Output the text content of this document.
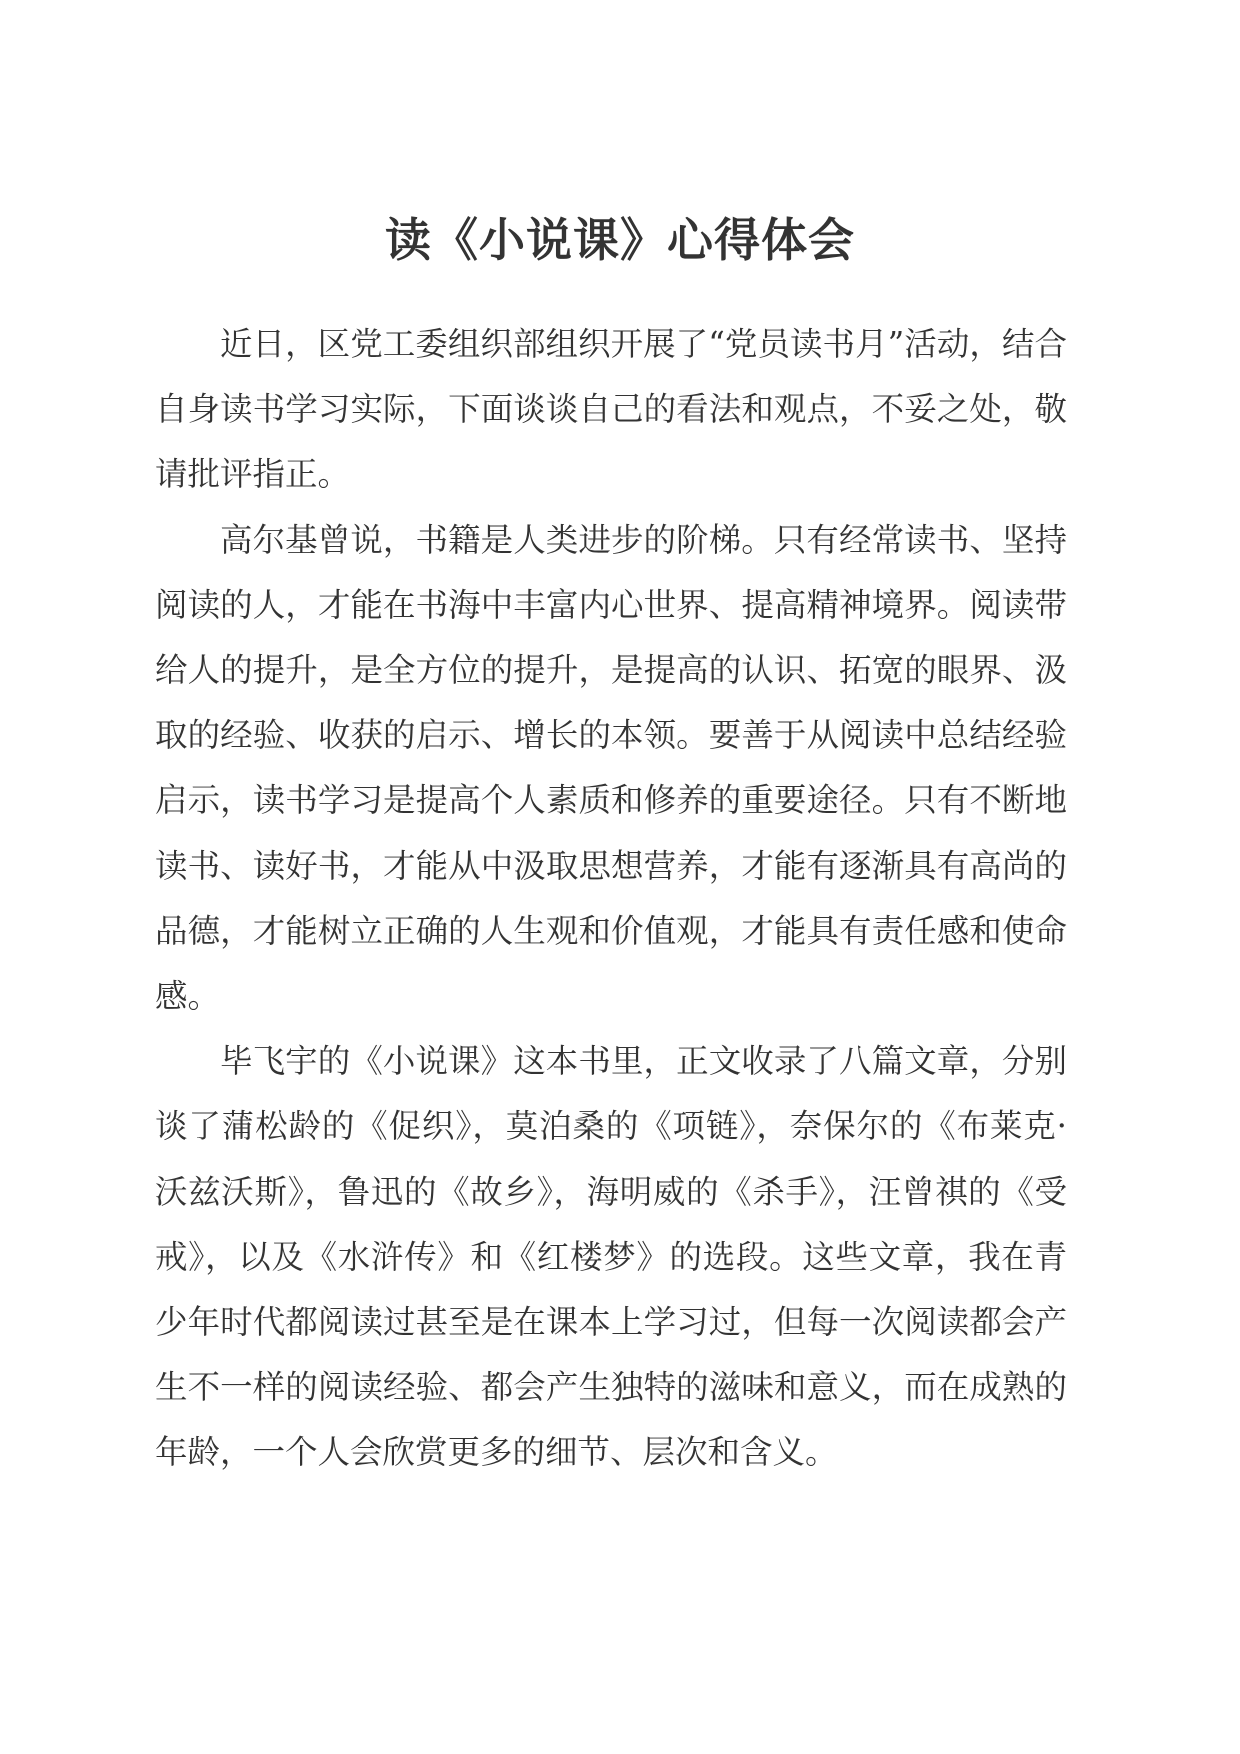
读《小说课》心得体会

近日，区党工委组织部组织开展了“党员读书月”活动，结合自身读书学习实际，下面谈谈自己的看法和观点，不妥之处，敬请批评指正。

高尔基曾说，书籍是人类进步的阶梯。只有经常读书、坚持阅读的人，才能在书海中丰富内心世界、提高精神境界。阅读带给人的提升，是全方位的提升，是提高的认识、拓宽的眼界、汲取的经验、收获的启示、增长的本领。要善于从阅读中总结经验启示，读书学习是提高个人素质和修养的重要途径。只有不断地读书、读好书，才能从中汲取思想营养，才能有逐渐具有高尚的品德，才能树立正确的人生观和价值观，才能具有责任感和使命感。

毕飞宇的《小说课》这本书里，正文收录了八篇文章，分别谈了蒲松龄的《促织》，莫泊桑的《项链》，奈保尔的《布莱克·沃兹沃斯》，鲁迅的《故乡》，海明威的《杀手》，汪曾祺的《受戒》，以及《水浒传》和《红楼梦》的选段。这些文章，我在青少年时代都阅读过甚至是在课本上学习过，但每一次阅读都会产生不一样的阅读经验、都会产生独特的滋味和意义，而在成熟的年龄，一个人会欣赏更多的细节、层次和含义。
